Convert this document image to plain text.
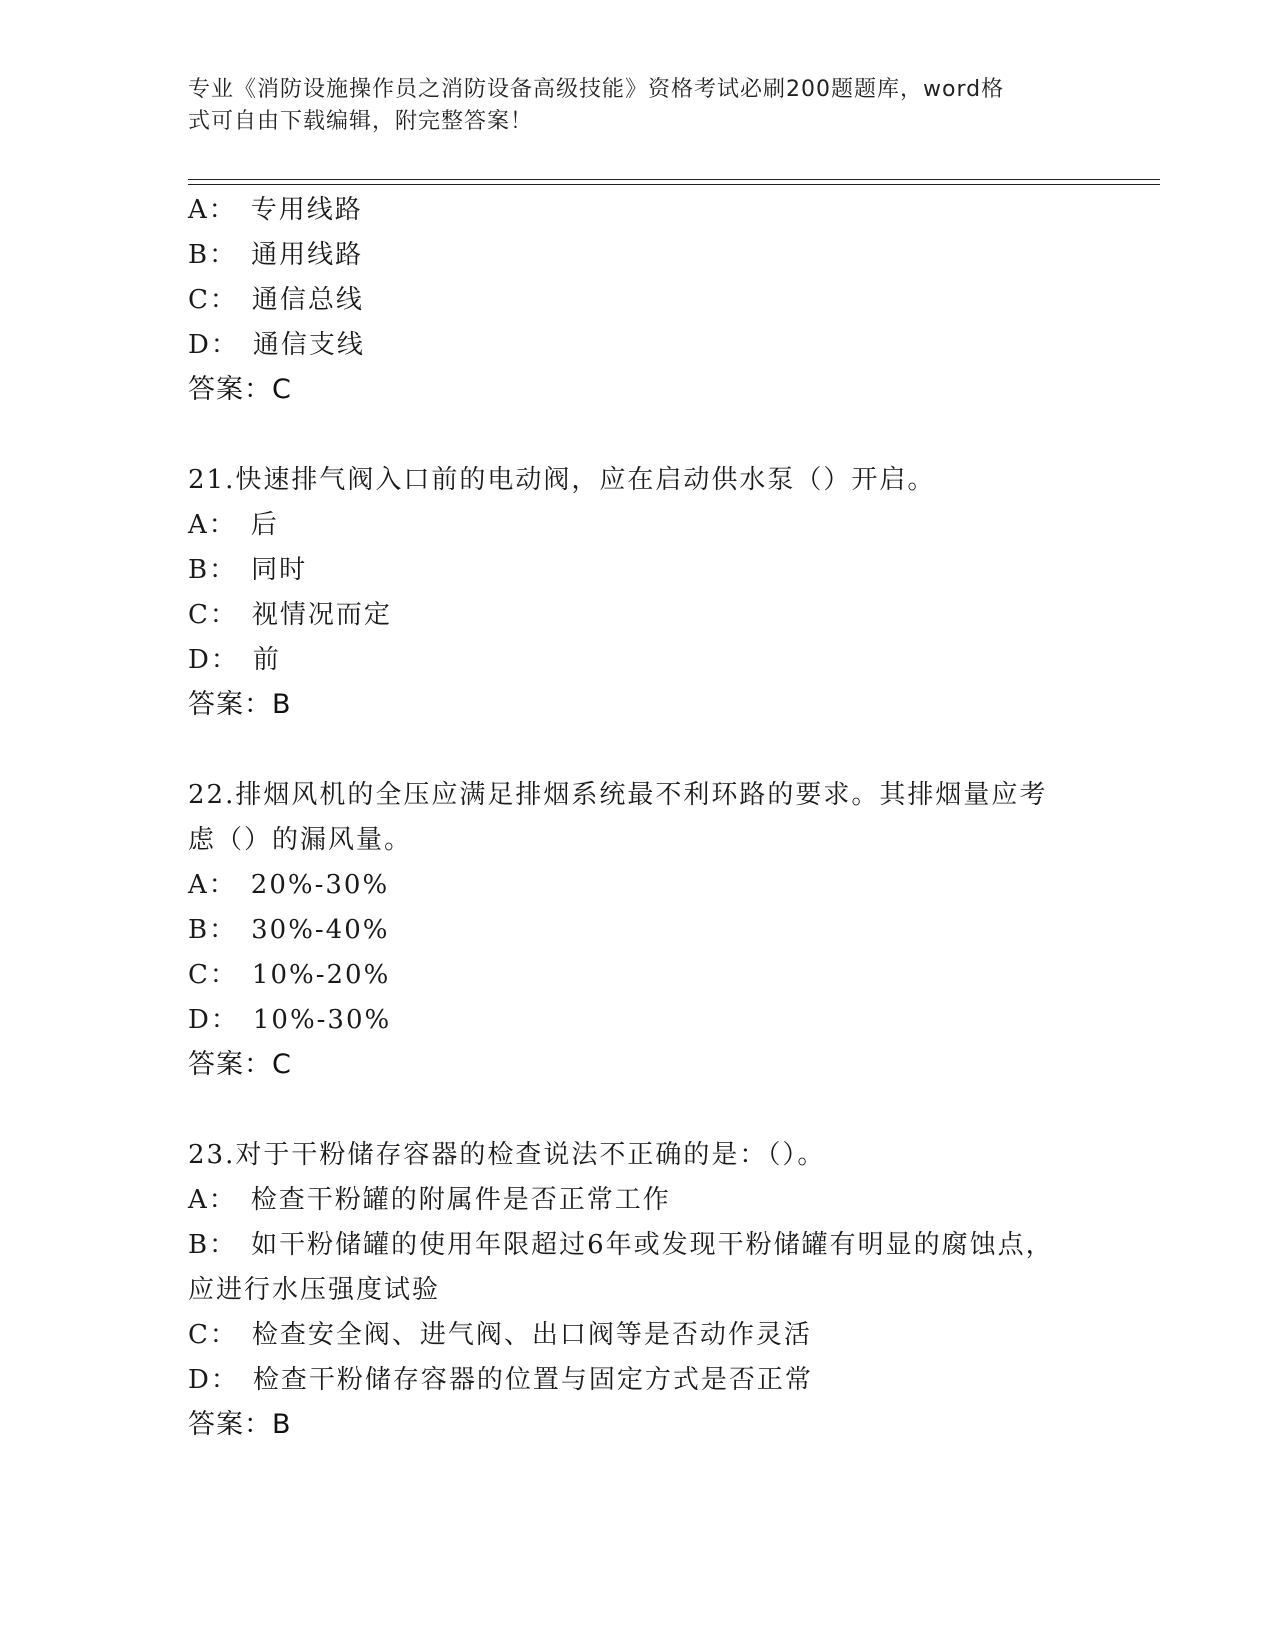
专业《消防设施操作员之消防设备高级技能》资格考试必刷200题题库，word格
式可自由下载编辑，附完整答案！
A： 专用线路
B： 通用线路
C： 通信总线
D： 通信支线
答案：C
21.快速排气阀入口前的电动阀，应在启动供水泵（）开启。
A： 后
B： 同时
C： 视情况而定
D： 前
答案：B
22.排烟风机的全压应满足排烟系统最不利环路的要求。其排烟量应考
虑（）的漏风量。
A： 20%-30%
B： 30%-40%
C： 10%-20%
D： 10%-30%
答案：C
23.对于干粉储存容器的检查说法不正确的是：（）。
A： 检查干粉罐的附属件是否正常工作
B： 如干粉储罐的使用年限超过6年或发现干粉储罐有明显的腐蚀点，
应进行水压强度试验
C： 检查安全阀、进气阀、出口阀等是否动作灵活
D： 检查干粉储存容器的位置与固定方式是否正常
答案：B
